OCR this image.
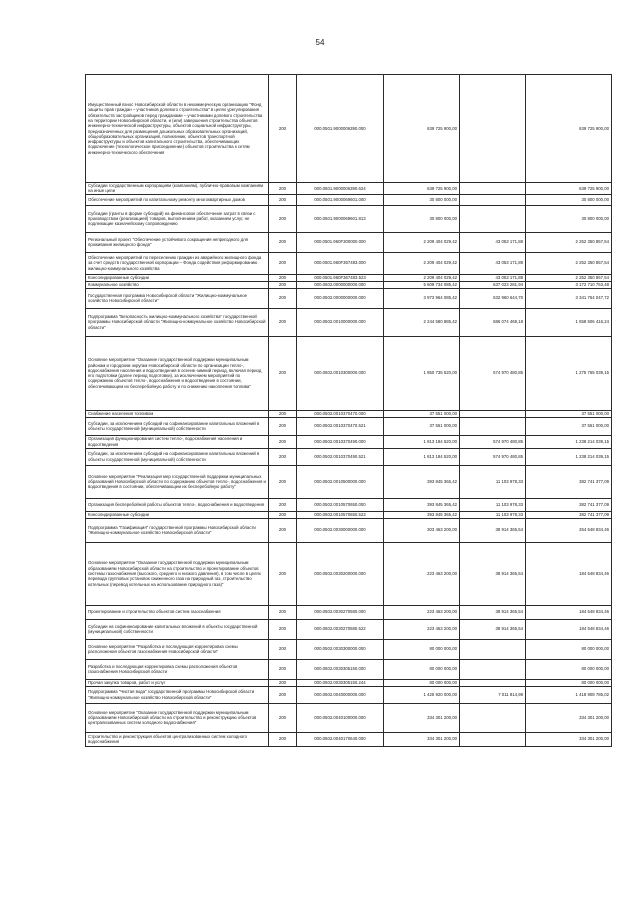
54
Имущественный взнос Новосибирской области в некоммерческую организацию "Фонд защиты прав граждан – участников долевого строительства" в целях урегулирования обязательств застройщиков перед гражданами – участниками долевого строительства на территории Новосибирской области, и (или) завершения строительства объектов инженерно-технической инфраструктуры, объектов социальной инфраструктуры, предназначенных для размещения дошкольных образовательных организаций, общеобразовательных организаций, поликлиник, объектов транспортной инфраструктуры и объектов капитального строительства, обеспечивающих подключение (технологическое присоединение) объектов строительства к сетям инженерно-технического обеспечения	200	000.0501.9000006390.000	639 725 900,00		639 725 900,00
Субсидии государственным корпорациям (компаниям), публично-правовым компаниям на иные цели	200	000.0501.9000006390.624	639 725 900,00		639 725 900,00
Обеспечение мероприятий по капитальному ремонту многоквартирных домов	200	000.0501.9000069601.000	30 800 000,00		30 800 000,00
Субсидии (гранты в форме субсидий) на финансовое обеспечение затрат в связи с производством (реализацией) товаров, выполнением работ, оказанием услуг, не подлежащие казначейскому сопровождению	200	000.0501.9000069601.813	30 800 000,00		30 800 000,00
Региональный проект "Обеспечение устойчивого сокращения непригодного для проживания жилищного фонда"	200	000.0501.960F300000.000	2 209 404 029,42	43 053 171,88	2 252 350 857,54
Обеспечение мероприятий по переселению граждан из аварийного жилищного фонда за счет средств государственной корпорации – Фонда содействия реформированию жилищно-коммунального хозяйства	200	000.0501.960F367483.000	2 209 404 029,42	43 053 171,88	2 252 350 857,54
Консолидированные субсидии	200	000.0501.960F367483.523	2 209 404 029,42	43 053 171,88	2 252 350 857,54
Коммунальное хозяйство	200	000.0502.0000000000.000	5 609 734 085,42	637 023 281,94	3 172 710 753,48
Государственная программа Новосибирской области "Жилищно-коммунальное хозяйство Новосибирской области"	200	000.0502.0000000000.000	3 973 964 085,42	632 960 644,70	3 341 764 047,72
Подпрограмма "Безопасность жилищно-коммунального хозяйства" государственной программы Новосибирской области "Жилищно-коммунальное хозяйство Новосибирской области"	200	000.0502.0010000000.000	2 244 580 885,42	586 074 469,18	1 658 506 416,24
Основное мероприятие "Оказание государственной поддержки муниципальным районам и городским округам Новосибирской области по организации тепло-, водоснабжения населения и водоотведения в осенне-зимний период, включая период его подготовки (далее период подготовки), за исключением мероприятий по содержанию объектов тепло-, водоснабжения и водоотведения в состоянии, обеспечивающем их бесперебойную работу и по снижению накопления топлива"	200	000.0502.0010300000.000	1 850 735 520,00	574 970 480,85	1 275 765 039,15
Снабжение населения топливом	200	000.0502.0010370470.000	37 551 000,00		37 551 000,00
Субсидии, за исключением субсидий на софинансирование капитальных вложений в объекты государственной (муниципальной) собственности	200	000.0502.0010370470.521	37 551 000,00		37 551 000,00
Организация функционирования систем тепло-, водоснабжения населения и водоотведения	200	000.0502.0010370490.000	1 813 184 520,00	574 970 480,85	1 238 214 039,15
Субсидии, за исключением субсидий на софинансирование капитальных вложений в объекты государственной (муниципальной) собственности	200	000.0502.0010370490.521	1 813 184 520,00	574 970 480,85	1 238 214 039,15
Основное мероприятие "Реализация мер государственной поддержки муниципальных образований Новосибирской области по содержанию объектов тепло-, водоснабжения и водоотведения в состоянии, обеспечивающем их бесперебойную работу"	200	000.0502.0010500000.000	393 845 365,42	11 103 978,33	382 741 377,09
Организация бесперебойной работы объектов тепло-, водоснабжения и водоотведения	200	000.0502.0010570650.000	393 845 365,42	11 103 978,33	382 741 377,09
Консолидированные субсидии	200	000.0502.0010570650.523	393 845 365,42	11 103 978,33	382 741 377,09
Подпрограмма "Газификация" государственной программы Новосибирской области "Жилищно-коммунальное хозяйство Новосибирской области"	200	000.0502.0030000000.000	303 463 200,00	38 914 365,54	264 548 834,46
Основное мероприятие "Оказание государственной поддержки муниципальным образованиям Новосибирской области на строительство и проектирование объектов системы газоснабжения (высокого, среднего и низкого давления), в том числе в целях перевода групповых установок сжиженного газа на природный газ, строительство котельных (перевод котельных на использование природного газа)"	200	000.0502.0030200000.000	223 463 200,00	38 914 365,54	184 548 834,46
Проектирование и строительство объектов систем газоснабжения	200	000.0502.0030270580.000	223 463 200,00	38 914 365,54	184 548 834,46
Субсидии на софинансирование капитальных вложений в объекты государственной (муниципальной) собственности	200	000.0502.0030270580.522	223 463 200,00	38 914 365,54	184 548 834,46
Основное мероприятие "Разработка и последующая корректировка схемы расположения объектов газоснабжения Новосибирской области"	200	000.0502.0030300000.000	80 000 000,00		80 000 000,00
Разработка и последующая корректировка схемы расположения объектов газоснабжения Новосибирской области	200	000.0502.0030305150.000	80 000 000,00		80 000 000,00
Прочая закупка товаров, работ и услуг	200	000.0502.0030305150.244	80 000 000,00		80 000 000,00
Подпрограмма "Чистая вода" государственной программы Новосибирской области "Жилищно-коммунальное хозяйство Новосибирской области"	200	000.0502.0040000000.000	1 425 920 000,00	7 011 814,98	1 418 908 785,02
Основное мероприятие "Оказание государственной поддержки муниципальным образованиям Новосибирской области на строительство и реконструкцию объектов централизованных систем холодного водоснабжения"	200	000.0502.0040100000.000	334 301 200,00		334 301 200,00
Строительство и реконструкция объектов централизованных систем холодного водоснабжения	200	000.0502.0040170640.000	334 301 200,00		334 301 200,00
